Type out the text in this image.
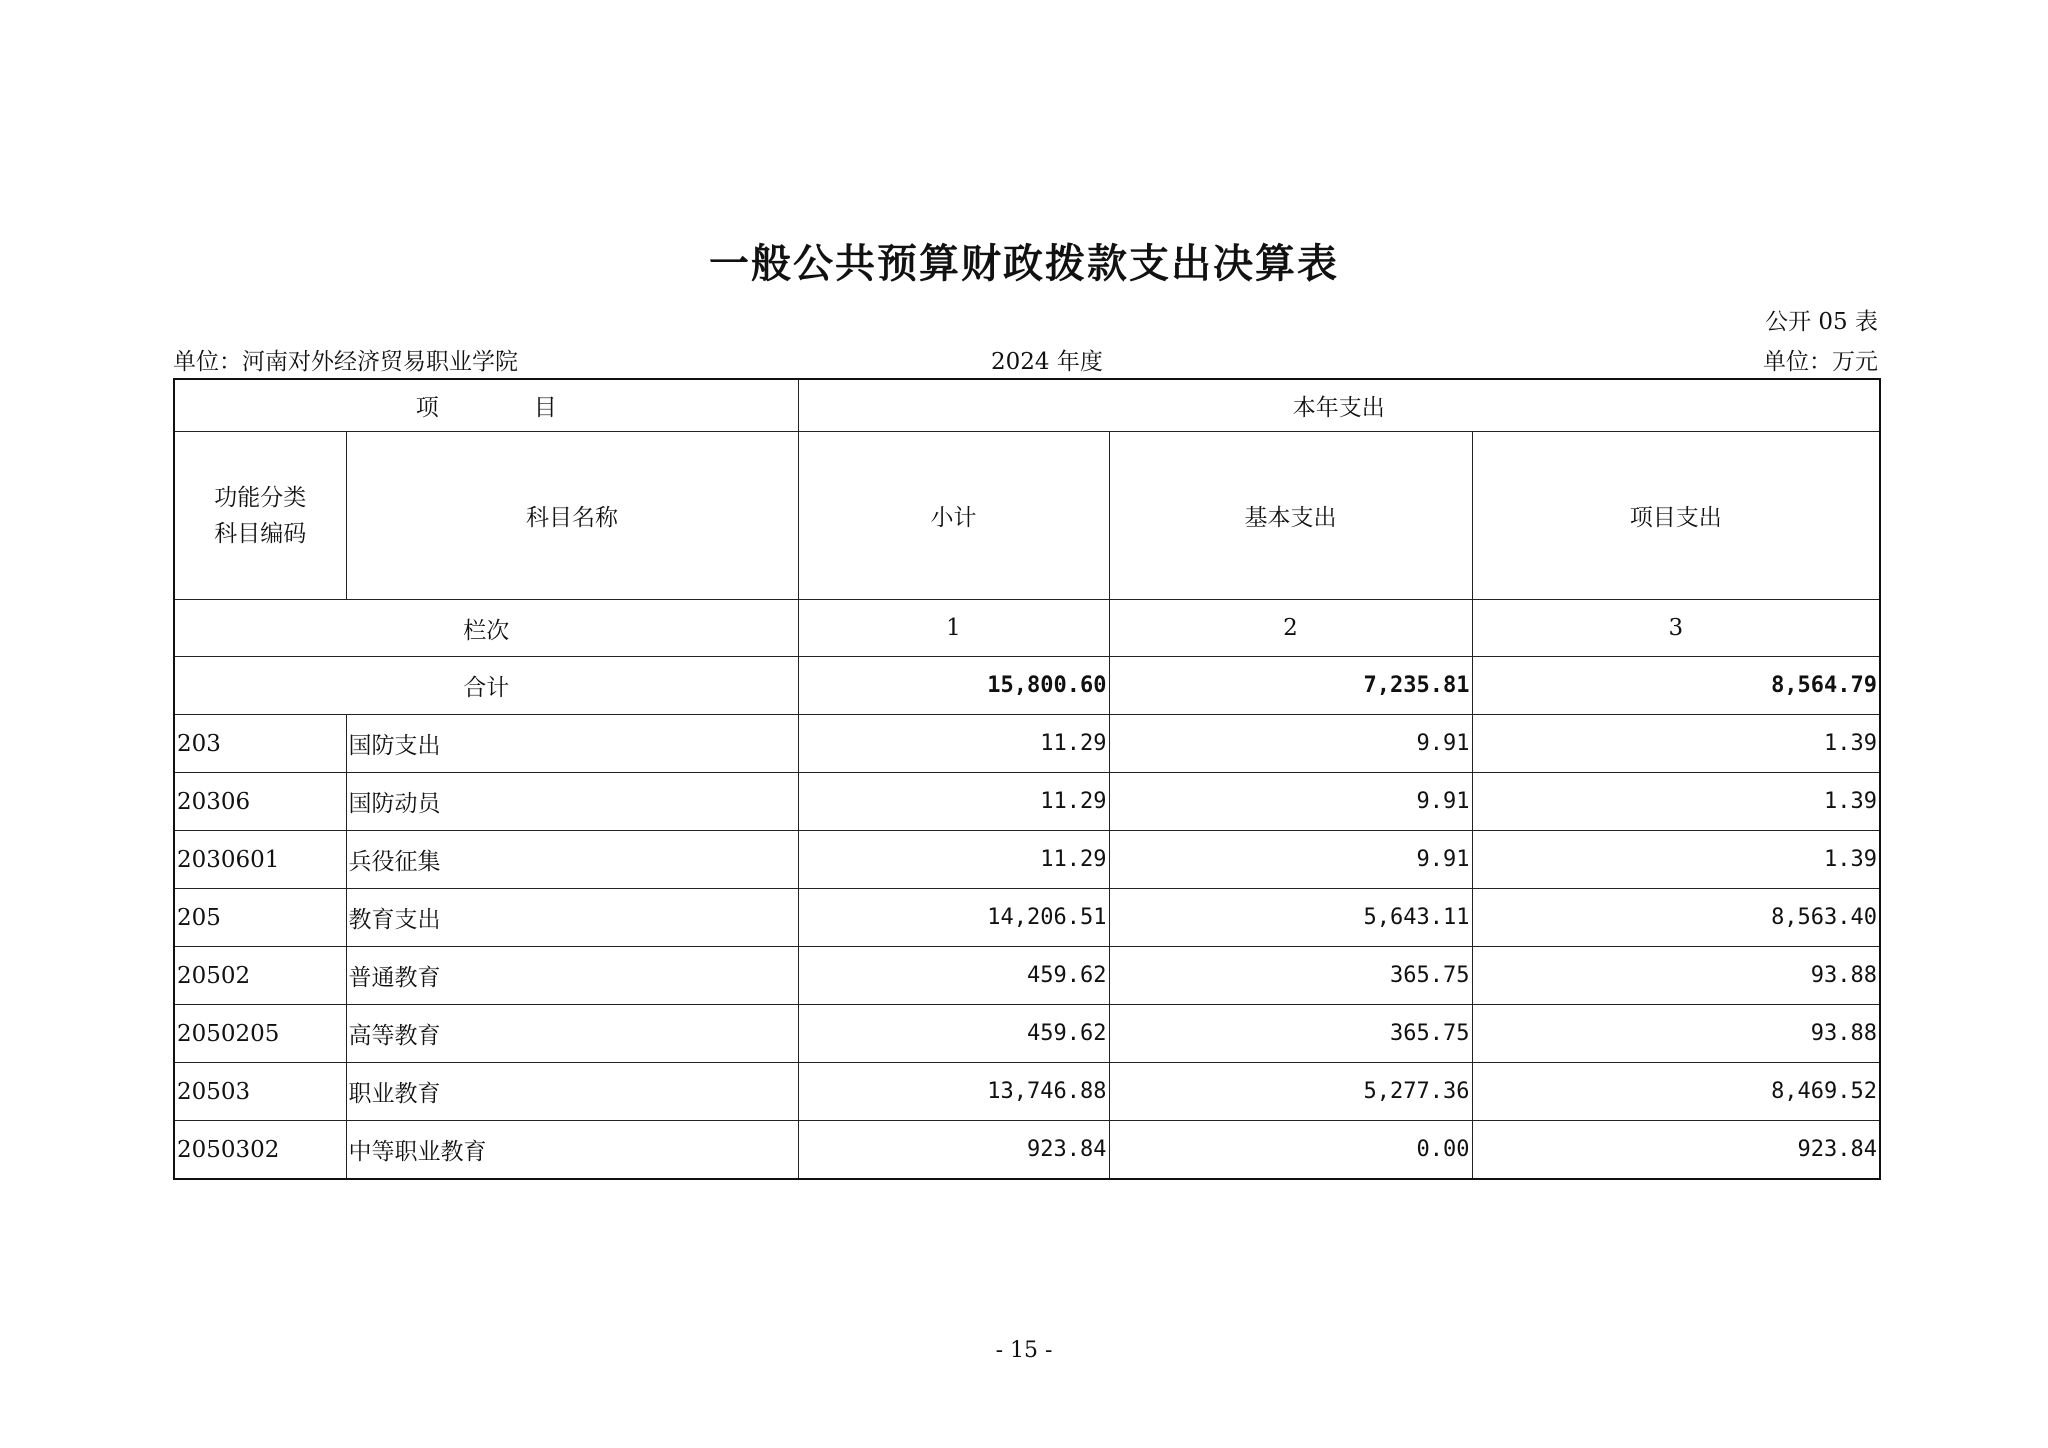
一般公共预算财政拨款支出决算表
公开 05 表
单位：河南对外经济贸易职业学院	2024 年度	单位：万元
项　目		本年支出		

功能分类
科目编码	科目名称	小计	基本支出	项目支出
栏次		1	2	3
合计		15,800.60	7,235.81	8,564.79
203	国防支出	11.29	9.91	1.39
20306	国防动员	11.29	9.91	1.39
2030601	兵役征集	11.29	9.91	1.39
205	教育支出	14,206.51	5,643.11	8,563.40
20502	普通教育	459.62	365.75	93.88
2050205	高等教育	459.62	365.75	93.88
20503	职业教育	13,746.88	5,277.36	8,469.52
2050302	中等职业教育	923.84	0.00	923.84
- 15 -
